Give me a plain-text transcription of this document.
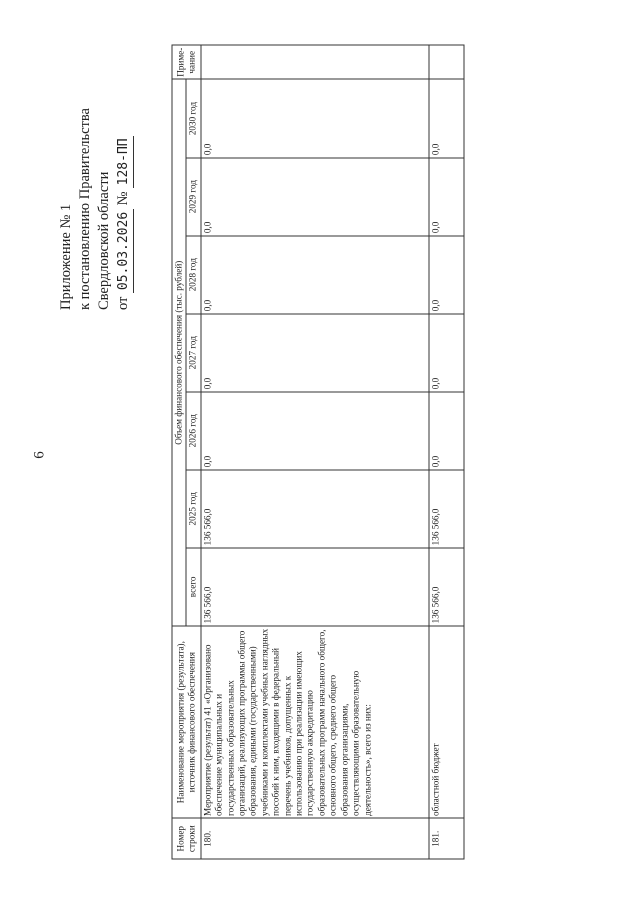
6
Приложение № 1 к постановлению Правительства Свердловской области от 05.03.2026 № 128-ПП
Номер строки	Наименование мероприятия (результата), источник финансового обеспечения	Объем финансового обеспечения (тыс. рублей)							Приме-чание
		всего	2025 год	2026 год	2027 год	2028 год	2029 год	2030 год	
180.	Мероприятие (результат) 41 «Организовано обеспечение муниципальных и государственных образовательных организаций, реализующих программы общего образования, едиными (государственными) учебниками и комплектами учебных наглядных пособий к ним, входящими в федеральный перечень учебников, допущенных к использованию при реализации имеющих государственную аккредитацию образовательных программ начального общего, основного общего, среднего общего образования организациями, осуществляющими образовательную деятельность», всего из них:	136 566,0	136 566,0	0,0	0,0	0,0	0,0	0,0	
181.	областной бюджет	136 566,0	136 566,0	0,0	0,0	0,0	0,0	0,0	
